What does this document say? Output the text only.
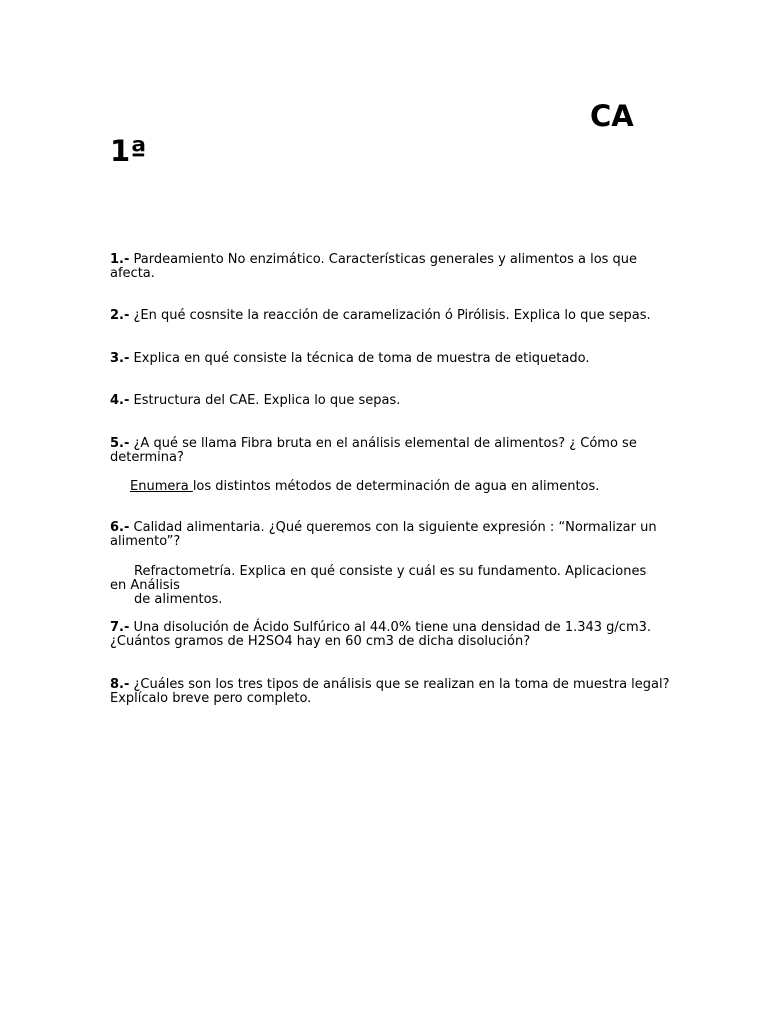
CA
1ª

1.- Pardeamiento No enzimático. Características generales y alimentos a los que afecta.

2.- ¿En qué cosnsite la reacción de caramelización ó Pirólisis. Explica lo que sepas.

3.- Explica en qué consiste la técnica de toma de muestra de etiquetado.

4.- Estructura del CAE. Explica lo que sepas.

5.- ¿A qué se llama Fibra bruta en el análisis elemental de alimentos? ¿ Cómo se determina?

Enumera los distintos métodos de determinación de agua en alimentos.

6.- Calidad alimentaria. ¿Qué queremos con la siguiente expresión : “Normalizar un alimento”?

Refractometría. Explica en qué consiste y cuál es su fundamento. Aplicaciones

en Análisis

de alimentos.

7.- Una disolución de Ácido Sulfúrico al 44.0% tiene una densidad de 1.343 g/cm3. ¿Cuántos gramos de H2SO4 hay en 60 cm3 de dicha disolución?

8.- ¿Cuáles son los tres tipos de análisis que se realizan en la toma de muestra legal? Explícalo breve pero completo.
